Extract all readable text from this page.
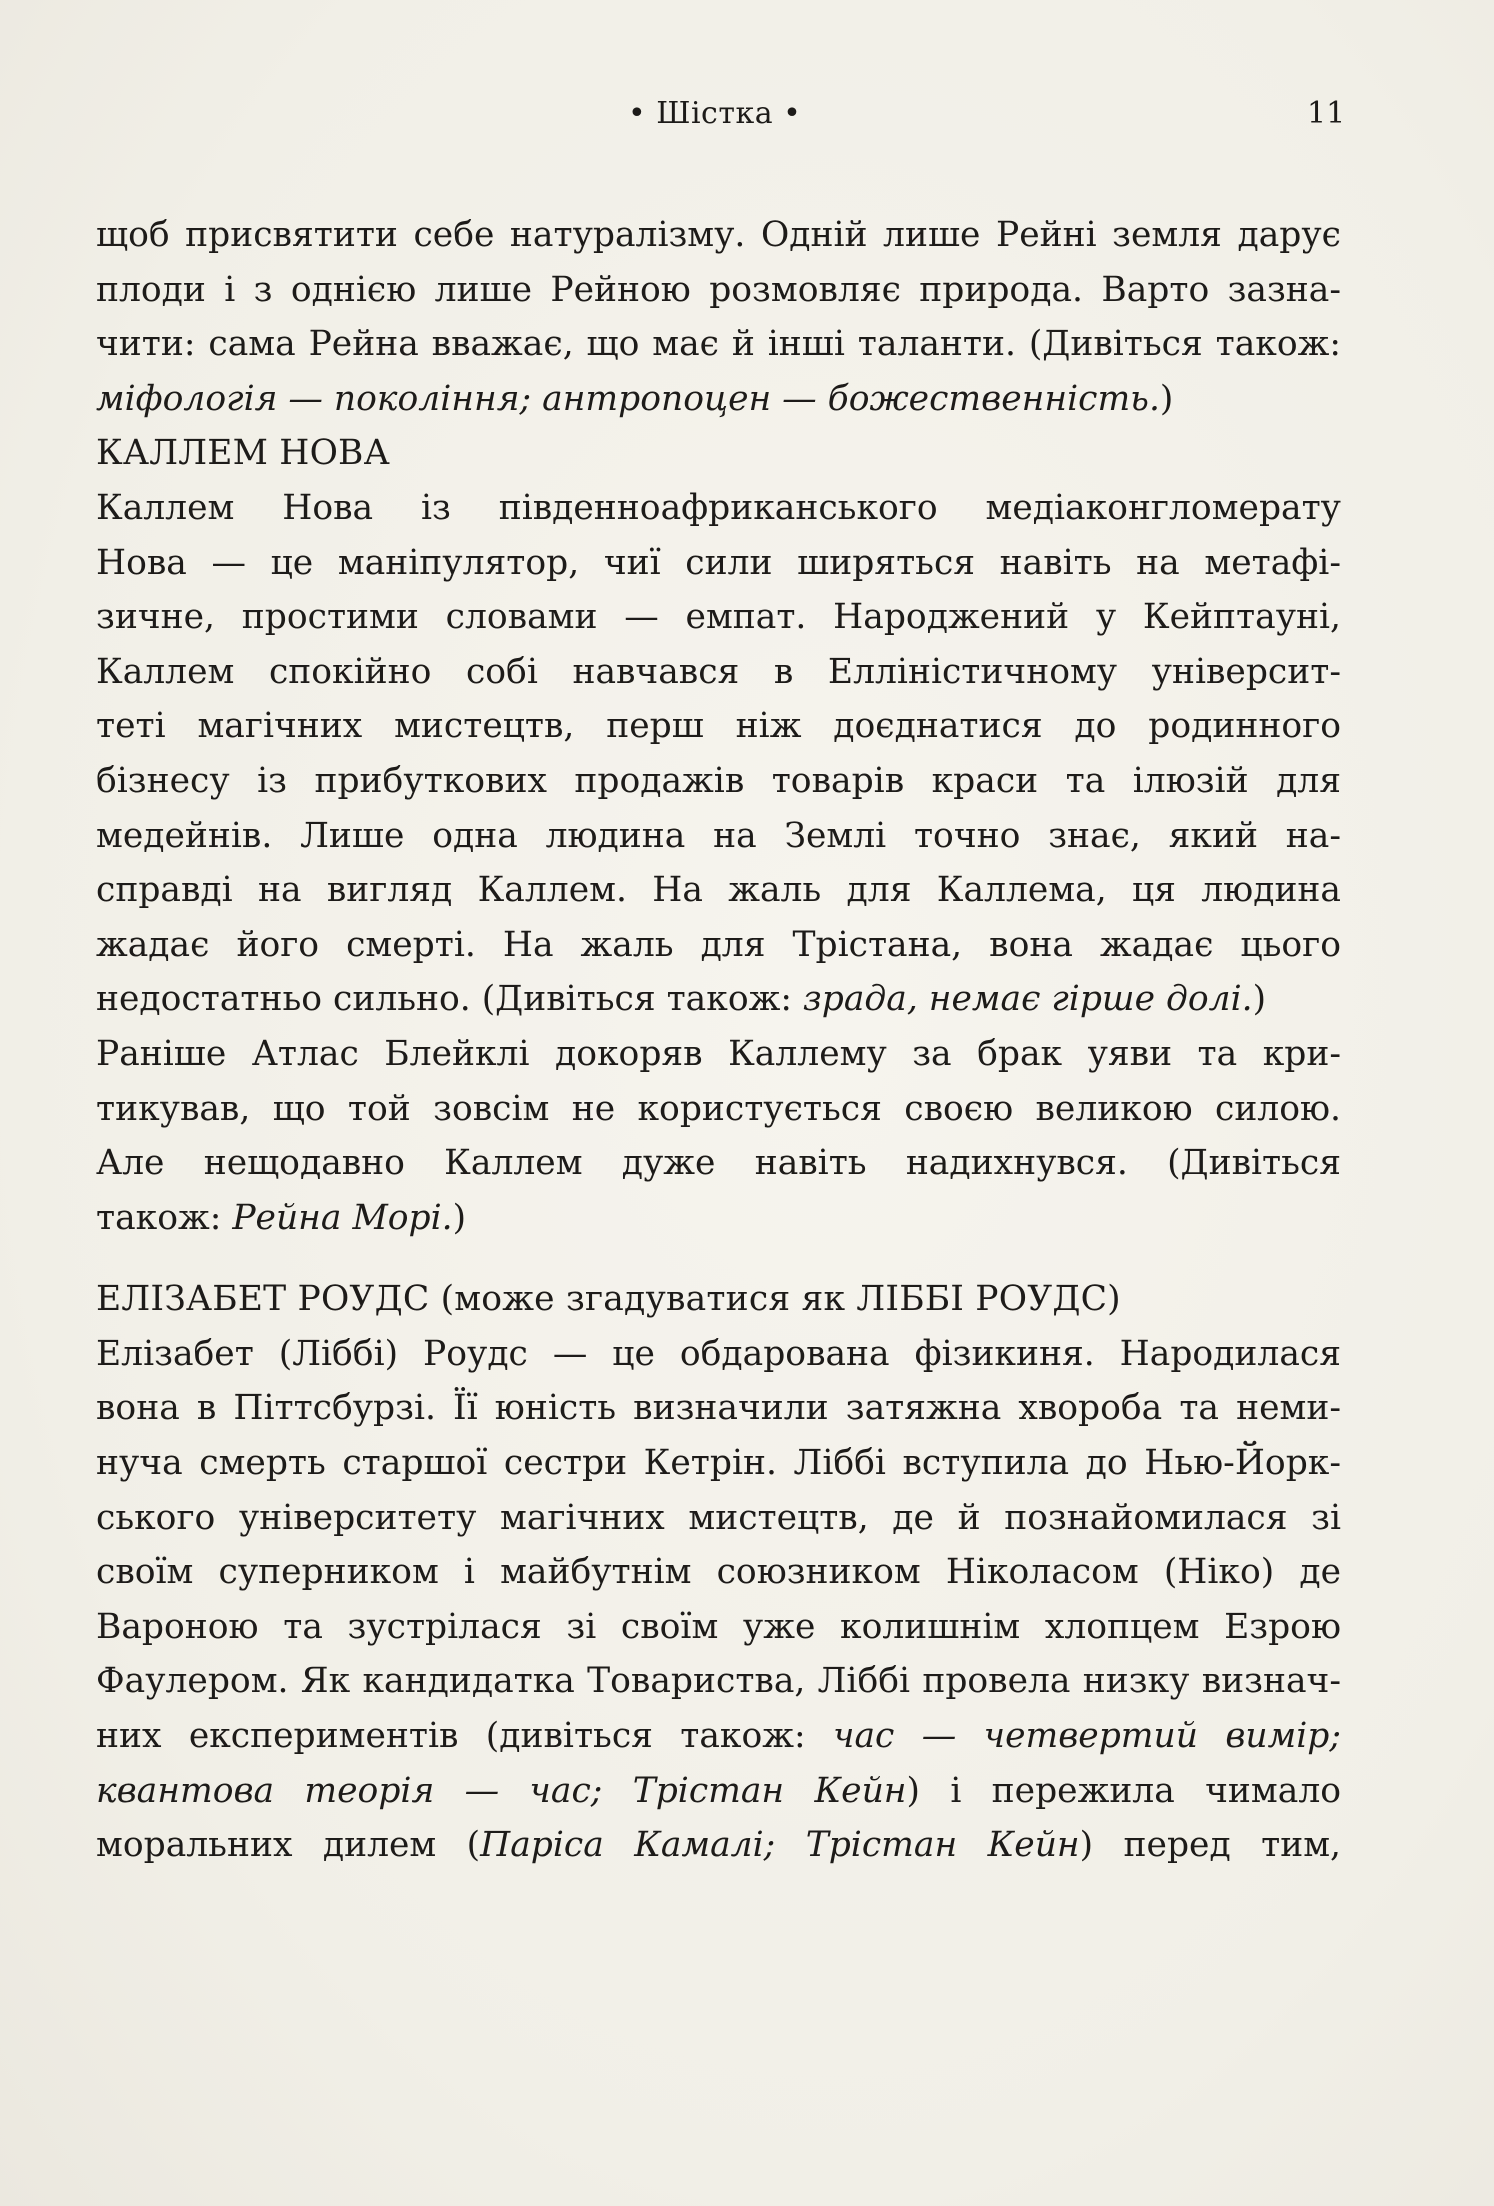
• Шістка •	11
щоб присвятити себе натуралізму. Одній лише Рейні земля дарує
плоди і з однією лише Рейною розмовляє природа. Варто зазна-
чити: сама Рейна вважає, що має й інші таланти. (Дивіться також:
міфологія — покоління; антропоцен — божественність.)
КАЛЛЕМ НОВА
Каллем Нова із південноафриканського медіаконгломерату
Нова — це маніпулятор, чиї сили ширяться навіть на метафі-
зичне, простими словами — емпат. Народжений у Кейптауні,
Каллем спокійно собі навчався в Еллiністичному університ-
теті магічних мистецтв, перш ніж доєднатися до родинного
бізнесу із прибуткових продажів товарів краси та ілюзій для
медейнів. Лише одна людина на Землі точно знає, який на-
справді на вигляд Каллем. На жаль для Каллема, ця людина
жадає його смерті. На жаль для Трістана, вона жадає цього
недостатньо сильно. (Дивіться також: зрада, немає гірше долі.)
Раніше Атлас Блейклі докоряв Каллему за брак уяви та кри-
тикував, що той зовсім не користується своєю великою силою.
Але нещодавно Каллем дуже навіть надихнувся. (Дивіться
також: Рейна Морі.)
ЕЛІЗАБЕТ РОУДС (може згадуватися як ЛІББІ РОУДС)
Елізабет (Ліббі) Роудс — це обдарована фізикиня. Народилася
вона в Піттсбурзі. Її юність визначили затяжна хвороба та неми-
нуча смерть старшої сестри Кетрін. Ліббі вступила до Нью-Йорк-
ського університету магічних мистецтв, де й познайомилася зі
своїм суперником і майбутнім союзником Ніколасом (Ніко) де
Вароною та зустрілася зі своїм уже колишнім хлопцем Езрою
Фаулером. Як кандидатка Товариства, Ліббі провела низку визнач-
них експериментів (дивіться також: час — четвертий вимір;
квантова теорія — час; Трістан Кейн) і пережила чимало
моральних дилем (Паріса Камалі; Трістан Кейн) перед тим,
